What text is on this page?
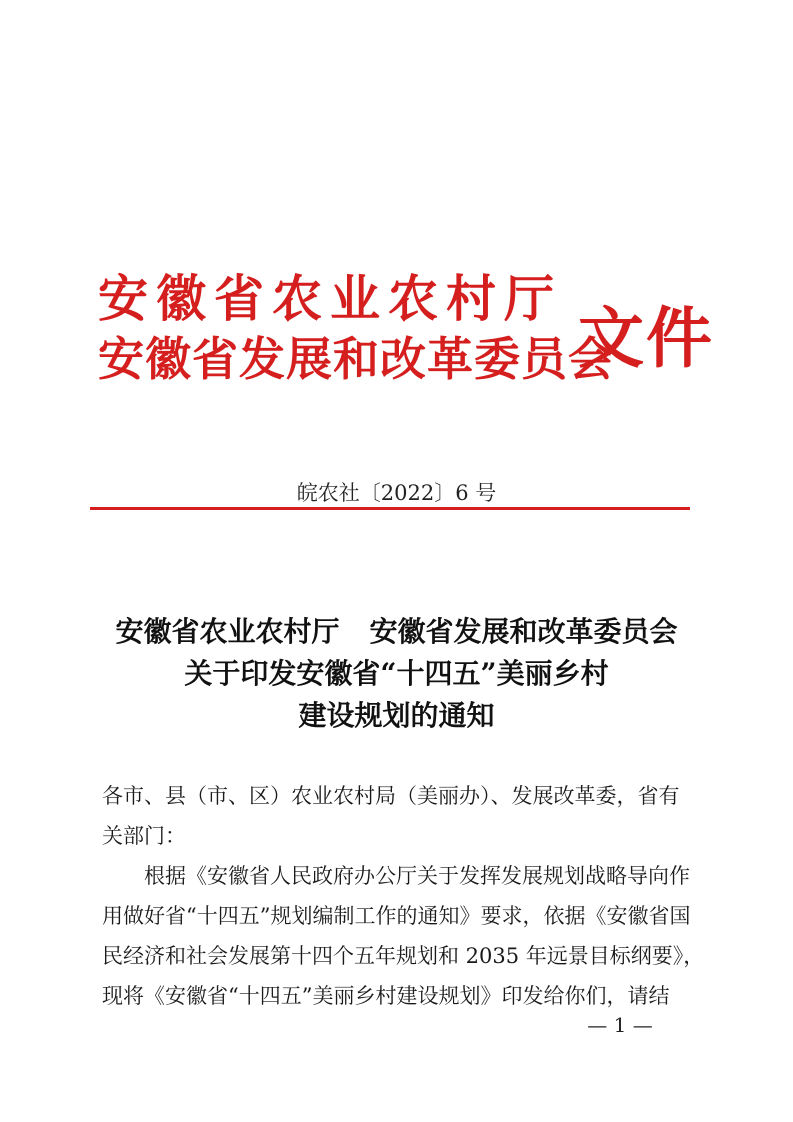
安徽省农业农村厅
安徽省发展和改革委员会
文件
皖农社〔2022〕6 号
安徽省农业农村厅 安徽省发展和改革委员会
关于印发安徽省“十四五”美丽乡村
建设规划的通知
各市、县（市、区）农业农村局（美丽办）、发展改革委，省有
关部门：
根据《安徽省人民政府办公厅关于发挥发展规划战略导向作
用做好省“十四五”规划编制工作的通知》要求，依据《安徽省国
民经济和社会发展第十四个五年规划和 2035 年远景目标纲要》，
现将《安徽省“十四五”美丽乡村建设规划》印发给你们，请结
— 1 —
